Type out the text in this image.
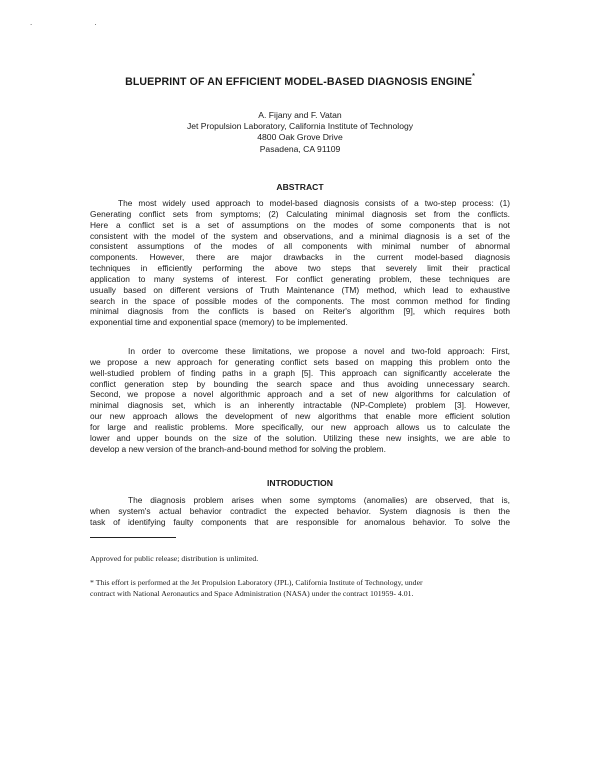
. .
BLUEPRINT OF AN EFFICIENT MODEL-BASED DIAGNOSIS ENGINE*
A. Fijany and F. Vatan
Jet Propulsion Laboratory, California Institute of Technology
4800 Oak Grove Drive
Pasadena, CA 91109
ABSTRACT
The most widely used approach to model-based diagnosis consists of a two-step process: (1)
Generating conflict sets from symptoms; (2) Calculating minimal diagnosis set from the conflicts.
Here a conflict set is a set of assumptions on the modes of some components that is not
consistent with the model of the system and observations, and a minimal diagnosis is a set of the
consistent assumptions of the modes of all components with minimal number of abnormal
components. However, there are major drawbacks in the current model-based diagnosis
techniques in efficiently performing the above two steps that severely limit their practical
application to many systems of interest. For conflict generating problem, these techniques are
usually based on different versions of Truth Maintenance (TM) method, which lead to exhaustive
search in the space of possible modes of the components. The most common method for finding
minimal diagnosis from the conflicts is based on Reiter's algorithm [9], which requires both
exponential time and exponential space (memory) to be implemented.
In order to overcome these limitations, we propose a novel and two-fold approach: First,
we propose a new approach for generating conflict sets based on mapping this problem onto the
well-studied problem of finding paths in a graph [5]. This approach can significantly accelerate the
conflict generation step by bounding the search space and thus avoiding unnecessary search.
Second, we propose a novel algorithmic approach and a set of new algorithms for calculation of
minimal diagnosis set, which is an inherently intractable (NP-Complete) problem [3]. However,
our new approach allows the development of new algorithms that enable more efficient solution
for large and realistic problems. More specifically, our new approach allows us to calculate the
lower and upper bounds on the size of the solution. Utilizing these new insights, we are able to
develop a new version of the branch-and-bound method for solving the problem.
INTRODUCTION
The diagnosis problem arises when some symptoms (anomalies) are observed, that is,
when system's actual behavior contradict the expected behavior. System diagnosis is then the
task of identifying faulty components that are responsible for anomalous behavior. To solve the
Approved for public release; distribution is unlimited.
* This effort is performed at the Jet Propulsion Laboratory (JPL), California Institute of Technology, under
contract with National Aeronautics and Space Administration (NASA) under the contract 101959- 4.01.
